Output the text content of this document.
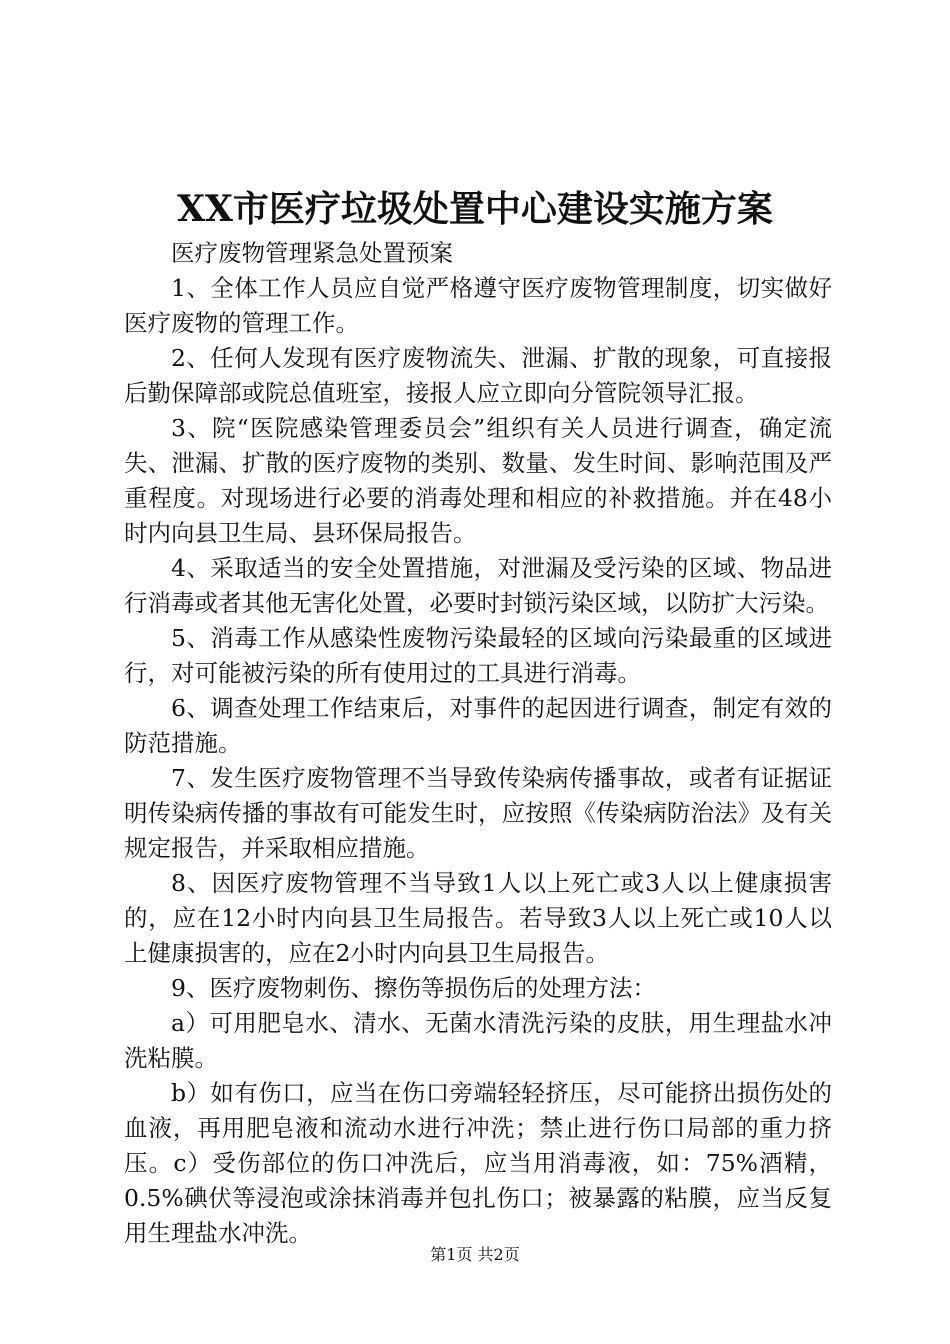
XX市医疗垃圾处置中心建设实施方案

医疗废物管理紧急处置预案

1、全体工作人员应自觉严格遵守医疗废物管理制度，切实做好医疗废物的管理工作。

2、任何人发现有医疗废物流失、泄漏、扩散的现象，可直接报后勤保障部或院总值班室，接报人应立即向分管院领导汇报。

3、院“医院感染管理委员会”组织有关人员进行调查，确定流失、泄漏、扩散的医疗废物的类别、数量、发生时间、影响范围及严重程度。对现场进行必要的消毒处理和相应的补救措施。并在48小时内向县卫生局、县环保局报告。

4、采取适当的安全处置措施，对泄漏及受污染的区域、物品进行消毒或者其他无害化处置，必要时封锁污染区域，以防扩大污染。

5、消毒工作从感染性废物污染最轻的区域向污染最重的区域进行，对可能被污染的所有使用过的工具进行消毒。

6、调查处理工作结束后，对事件的起因进行调查，制定有效的防范措施。

7、发生医疗废物管理不当导致传染病传播事故，或者有证据证明传染病传播的事故有可能发生时，应按照《传染病防治法》及有关规定报告，并采取相应措施。

8、因医疗废物管理不当导致1人以上死亡或3人以上健康损害的，应在12小时内向县卫生局报告。若导致3人以上死亡或10人以上健康损害的，应在2小时内向县卫生局报告。

9、医疗废物刺伤、擦伤等损伤后的处理方法：

a）可用肥皂水、清水、无菌水清洗污染的皮肤，用生理盐水冲洗粘膜。

b）如有伤口，应当在伤口旁端轻轻挤压，尽可能挤出损伤处的血液，再用肥皂液和流动水进行冲洗；禁止进行伤口局部的重力挤压。c）受伤部位的伤口冲洗后，应当用消毒液，如：75%酒精，0.5%碘伏等浸泡或涂抹消毒并包扎伤口；被暴露的粘膜，应当反复用生理盐水冲洗。

第1页 共2页
